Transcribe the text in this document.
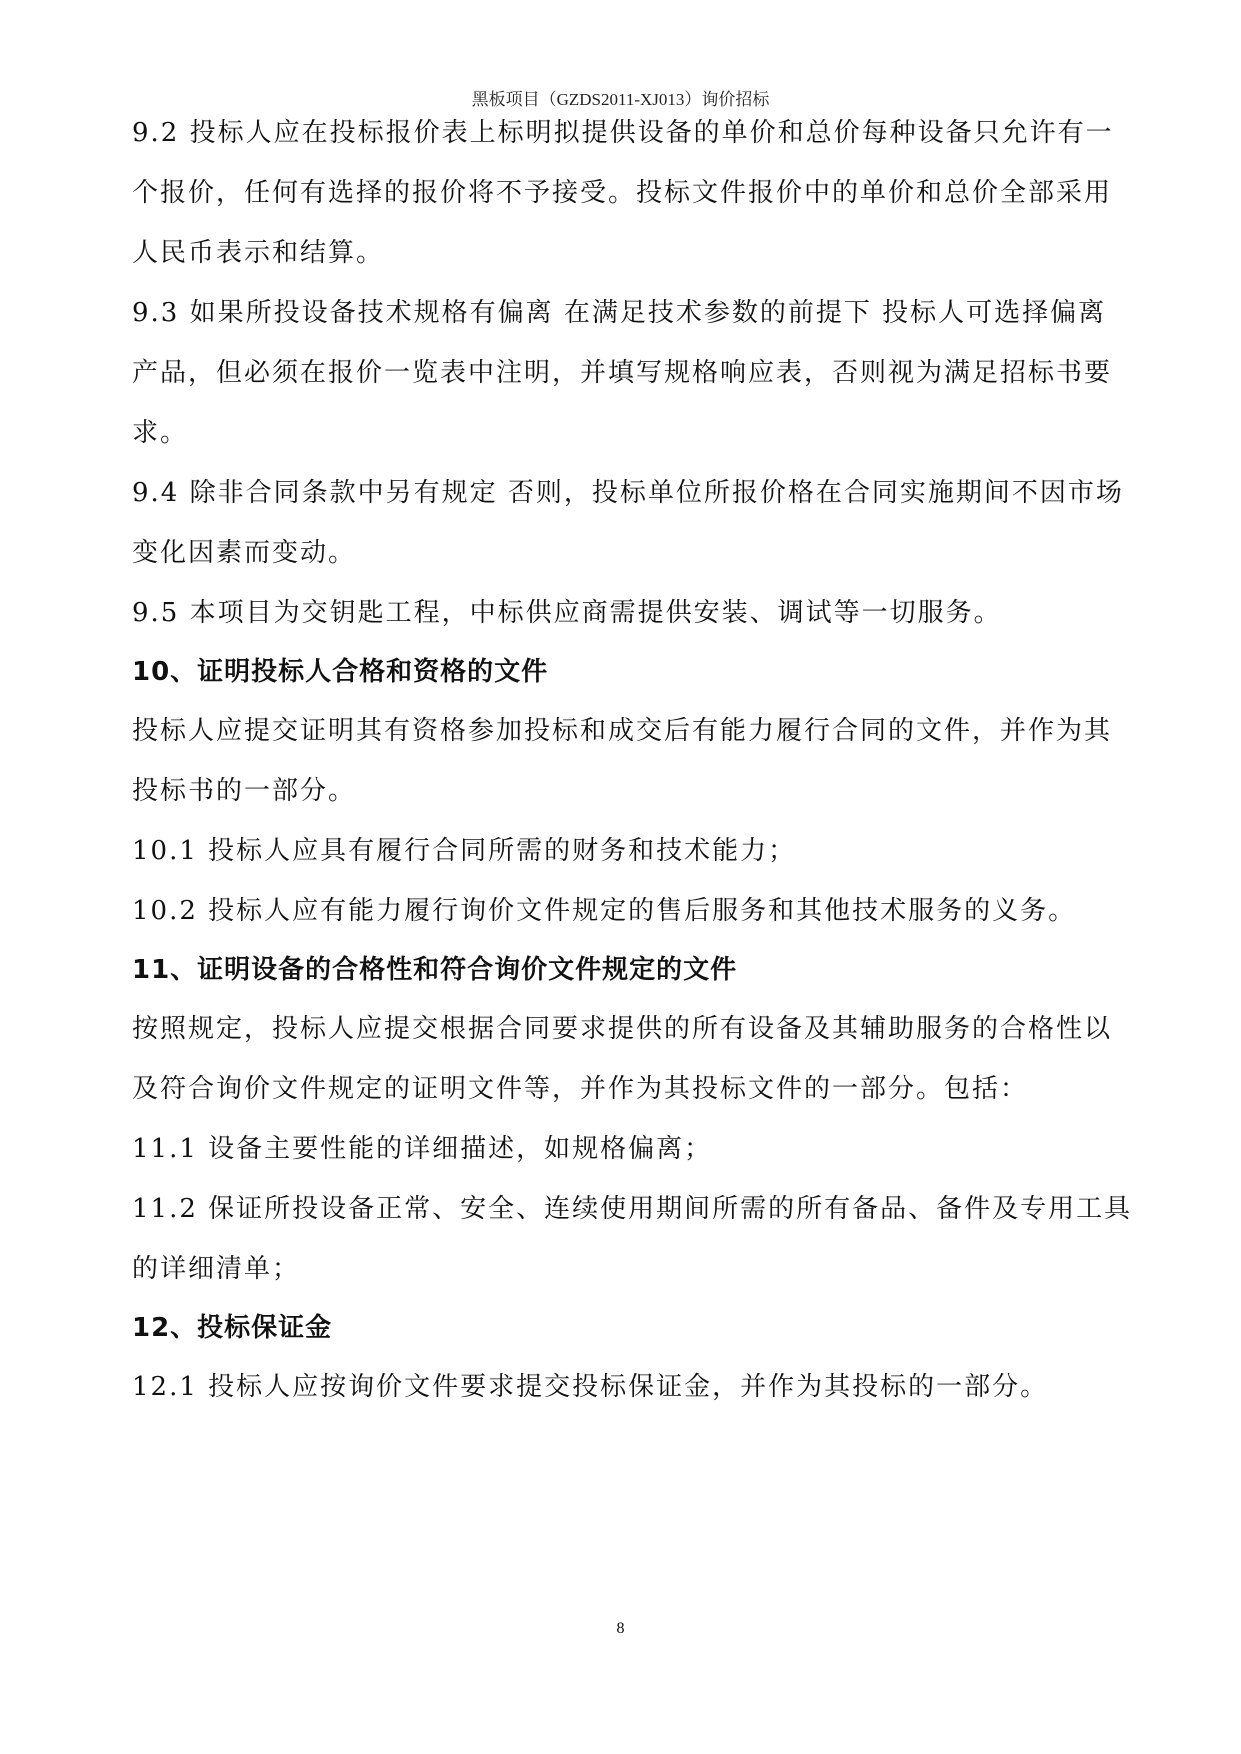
黑板项目（GZDS2011-XJ013）询价招标
9.2 投标人应在投标报价表上标明拟提供设备的单价和总价每种设备只允许有一
个报价，任何有选择的报价将不予接受。投标文件报价中的单价和总价全部采用
人民币表示和结算。
9.3 如果所投设备技术规格有偏离 在满足技术参数的前提下 投标人可选择偏离
产品，但必须在报价一览表中注明，并填写规格响应表，否则视为满足招标书要
求。
9.4 除非合同条款中另有规定 否则，投标单位所报价格在合同实施期间不因市场
变化因素而变动。
9.5 本项目为交钥匙工程，中标供应商需提供安装、调试等一切服务。
10、证明投标人合格和资格的文件
投标人应提交证明其有资格参加投标和成交后有能力履行合同的文件，并作为其
投标书的一部分。
10.1 投标人应具有履行合同所需的财务和技术能力；
10.2 投标人应有能力履行询价文件规定的售后服务和其他技术服务的义务。
11、证明设备的合格性和符合询价文件规定的文件
按照规定，投标人应提交根据合同要求提供的所有设备及其辅助服务的合格性以
及符合询价文件规定的证明文件等，并作为其投标文件的一部分。包括：
11.1 设备主要性能的详细描述，如规格偏离；
11.2 保证所投设备正常、安全、连续使用期间所需的所有备品、备件及专用工具
的详细清单；
12、投标保证金
12.1 投标人应按询价文件要求提交投标保证金，并作为其投标的一部分。
8
